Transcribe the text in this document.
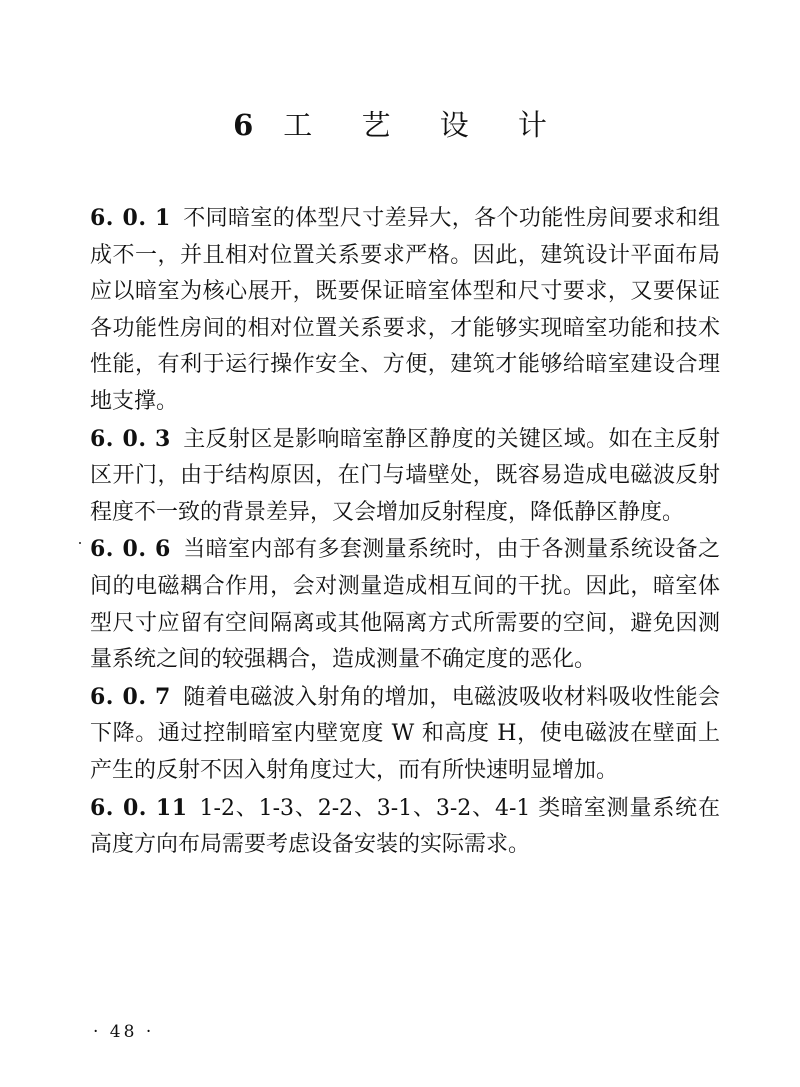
6 工 艺 设 计

6. 0. 1 不同暗室的体型尺寸差异大，各个功能性房间要求和组成不一，并且相对位置关系要求严格。因此，建筑设计平面布局应以暗室为核心展开，既要保证暗室体型和尺寸要求，又要保证各功能性房间的相对位置关系要求，才能够实现暗室功能和技术性能，有利于运行操作安全、方便，建筑才能够给暗室建设合理地支撑。

6. 0. 3 主反射区是影响暗室静区静度的关键区域。如在主反射区开门，由于结构原因，在门与墙壁处，既容易造成电磁波反射程度不一致的背景差异，又会增加反射程度，降低静区静度。

6. 0. 6 当暗室内部有多套测量系统时，由于各测量系统设备之间的电磁耦合作用，会对测量造成相互间的干扰。因此，暗室体型尺寸应留有空间隔离或其他隔离方式所需要的空间，避免因测量系统之间的较强耦合，造成测量不确定度的恶化。

6. 0. 7 随着电磁波入射角的增加，电磁波吸收材料吸收性能会下降。通过控制暗室内壁宽度 W 和高度 H，使电磁波在壁面上产生的反射不因入射角度过大，而有所快速明显增加。

6. 0. 11 1-2、1-3、2-2、3-1、3-2、4-1 类暗室测量系统在高度方向布局需要考虑设备安装的实际需求。

· 48 ·
